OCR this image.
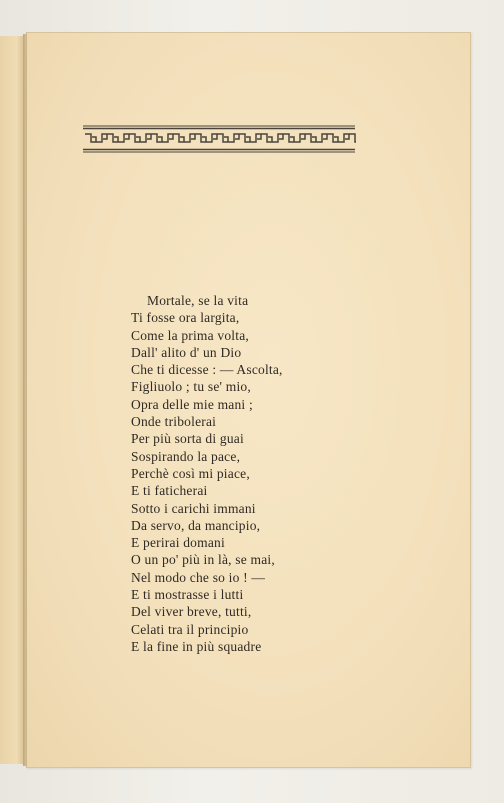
Mortale, se la vita
Ti fosse ora largita,
Come la prima volta,
Dall' alito d' un Dio
Che ti dicesse : — Ascolta,
Figliuolo ; tu se' mio,
Opra delle mie mani ;
Onde tribolerai
Per più sorta di guai
Sospirando la pace,
Perchè così mi piace,
E ti faticherai
Sotto i carichi immani
Da servo, da mancipio,
E perirai domani
O un po' più in là, se mai,
Nel modo che so io ! —
E ti mostrasse i lutti
Del viver breve, tutti,
Celati tra il principio
E la fine in più squadre
